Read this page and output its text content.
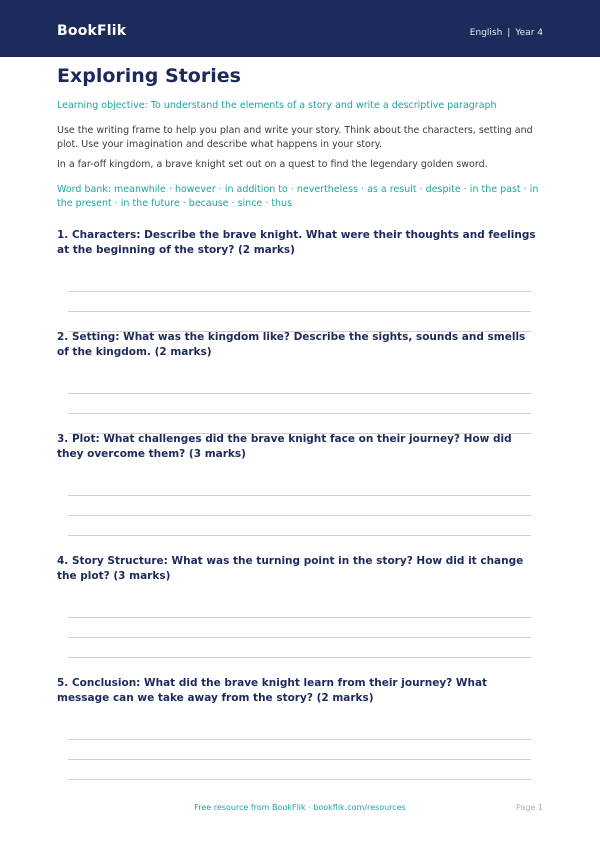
BookFlik	English | Year 4
Exploring Stories
Learning objective: To understand the elements of a story and write a descriptive paragraph
Use the writing frame to help you plan and write your story. Think about the characters, setting and plot. Use your imagination and describe what happens in your story.
In a far-off kingdom, a brave knight set out on a quest to find the legendary golden sword.
Word bank: meanwhile · however · in addition to · nevertheless · as a result · despite · in the past · in the present · in the future · because · since · thus
1. Characters: Describe the brave knight. What were their thoughts and feelings at the beginning of the story? (2 marks)
2. Setting: What was the kingdom like? Describe the sights, sounds and smells of the kingdom. (2 marks)
3. Plot: What challenges did the brave knight face on their journey? How did they overcome them? (3 marks)
4. Story Structure: What was the turning point in the story? How did it change the plot? (3 marks)
5. Conclusion: What did the brave knight learn from their journey? What message can we take away from the story? (2 marks)
Free resource from BookFlik · bookflik.com/resources	Page 1
